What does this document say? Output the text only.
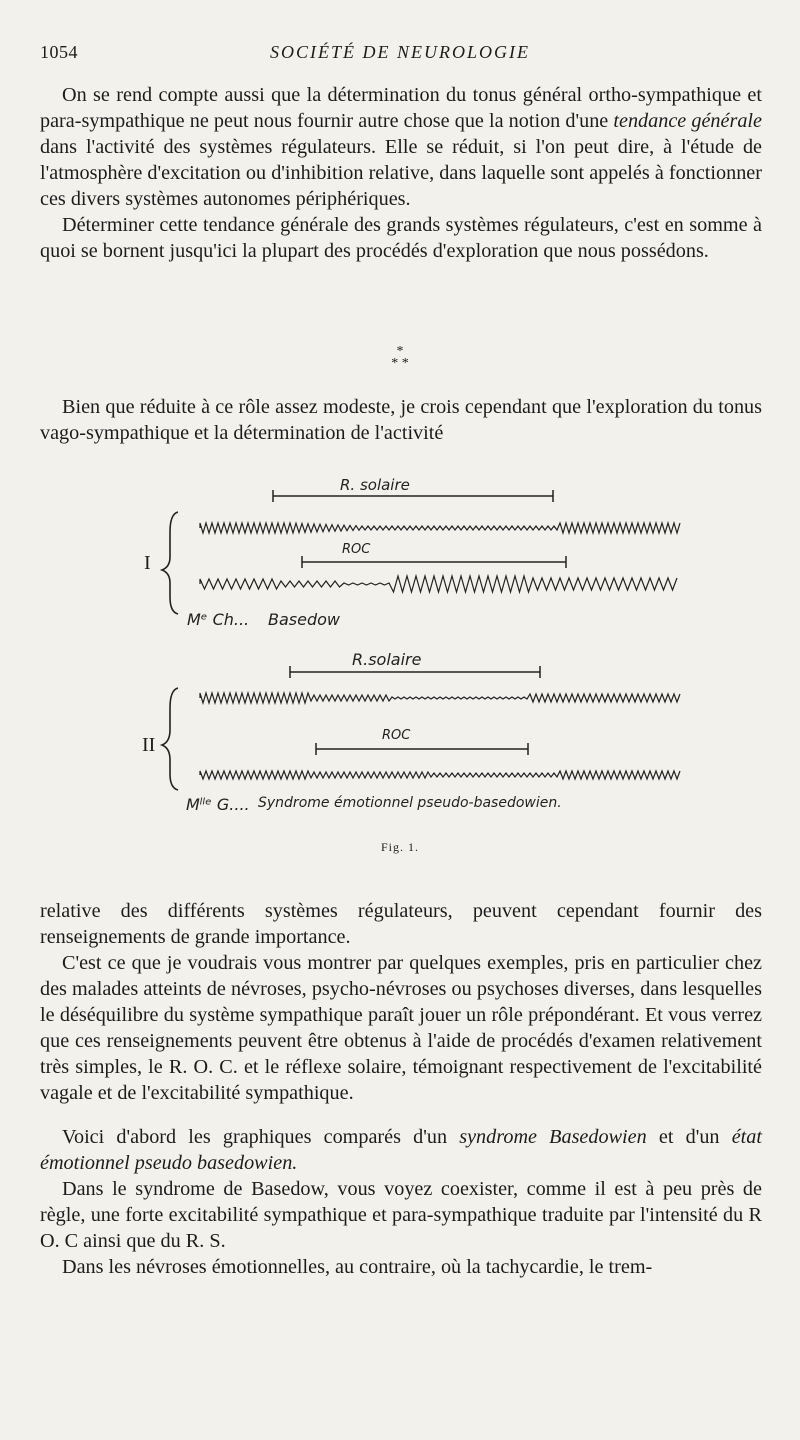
1054	SOCIÉTÉ DE NEUROLOGIE

On se rend compte aussi que la détermination du tonus général ortho-sympathique et para-sympathique ne peut nous fournir autre chose que la notion d'une tendance générale dans l'activité des systèmes régulateurs. Elle se réduit, si l'on peut dire, à l'étude de l'atmosphère d'excitation ou d'inhibition relative, dans laquelle sont appelés à fonctionner ces divers systèmes autonomes périphériques.

Déterminer cette tendance générale des grands systèmes régulateurs, c'est en somme à quoi se bornent jusqu'ici la plupart des procédés d'exploration que nous possédons.

*
* *

Bien que réduite à ce rôle assez modeste, je crois cependant que l'exploration du tonus vago-sympathique et la détermination de l'activité

I
R. solaire
ROC
Mᵉ Ch... Basedow
II
R.solaire
ROC
Mˡˡᵉ G.... Syndrome émotionnel pseudo-basedowien.
Fig. 1.

relative des différents systèmes régulateurs, peuvent cependant fournir des renseignements de grande importance.

C'est ce que je voudrais vous montrer par quelques exemples, pris en particulier chez des malades atteints de névroses, psycho-névroses ou psychoses diverses, dans lesquelles le déséquilibre du système sympathique paraît jouer un rôle prépondérant. Et vous verrez que ces renseignements peuvent être obtenus à l'aide de procédés d'examen relativement très simples, le R. O. C. et le réflexe solaire, témoignant respectivement de l'excitabilité vagale et de l'excitabilité sympathique.

Voici d'abord les graphiques comparés d'un syndrome Basedowien et d'un état émotionnel pseudo basedowien.

Dans le syndrome de Basedow, vous voyez coexister, comme il est à peu près de règle, une forte excitabilité sympathique et para-sympathique traduite par l'intensité du R O. C ainsi que du R. S.

Dans les névroses émotionnelles, au contraire, où la tachycardie, le trem-
